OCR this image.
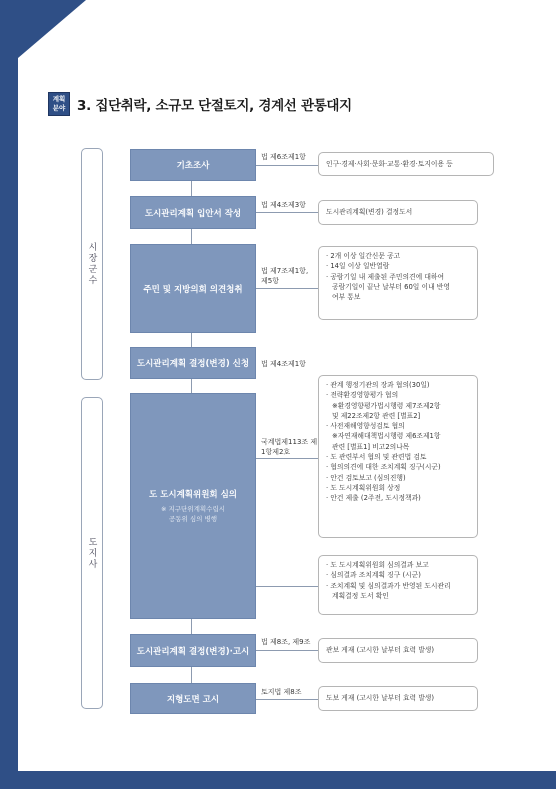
계획 분야 3. 집단취락, 소규모 단절토지, 경계선 관통대지
시장군수
도지사
기초조사
법 제6조제1항
인구·경제·사회·문화·교통·환경·토지이용 등
도시관리계획 입안서 작성
법 제4조제3항
도시관리계획(변경) 결정도서
주민 및 지방의회 의견청취
법 제7조제1항, 제5항
· 2개 이상 일간신문 공고
· 14일 이상 일반열람
· 공람기일 내 제출된 주민의견에 대하여
공람기일이 끝난 날부터 60일 이내 반영
여부 통보
도시관리계획 결정(변경) 신청 법 제4조제1항
도 도시계획위원회 심의
※ 지구단위계획수립시
공동위 심의 병행
국계법제113조 제1항제2호
· 관계 행정기관의 장과 협의(30일)
· 전략환경영향평가 협의
※환경영향평가법시행령 제7조제2항
및 제22조제2항 관련 [별표2]
· 사전재해영향성검토 협의
※자연재해대책법시행령 제6조제1항
관련 [별표1] 비고2의나목
· 도 관련부서 협의 및 관련법 검토
· 협의의견에 대한 조치계획 징구(시군)
· 안건 검토보고 (심의진행)
· 도 도시계획위원회 상정
· 안건 제출 (2주전, 도시정책과)
· 도 도시계획위원회 심의결과 보고
· 심의결과 조치계획 징구 (시군)
· 조치계획 및 심의결과가 반영된 도시관리
계획결정 도서 확인
도시관리계획 결정(변경)·고시
법 제8조, 제9조
관보 게재 (고시한 날부터 효력 발생)
지형도면 고시
토지법 제8조
도보 게재 (고시한 날부터 효력 발생)
